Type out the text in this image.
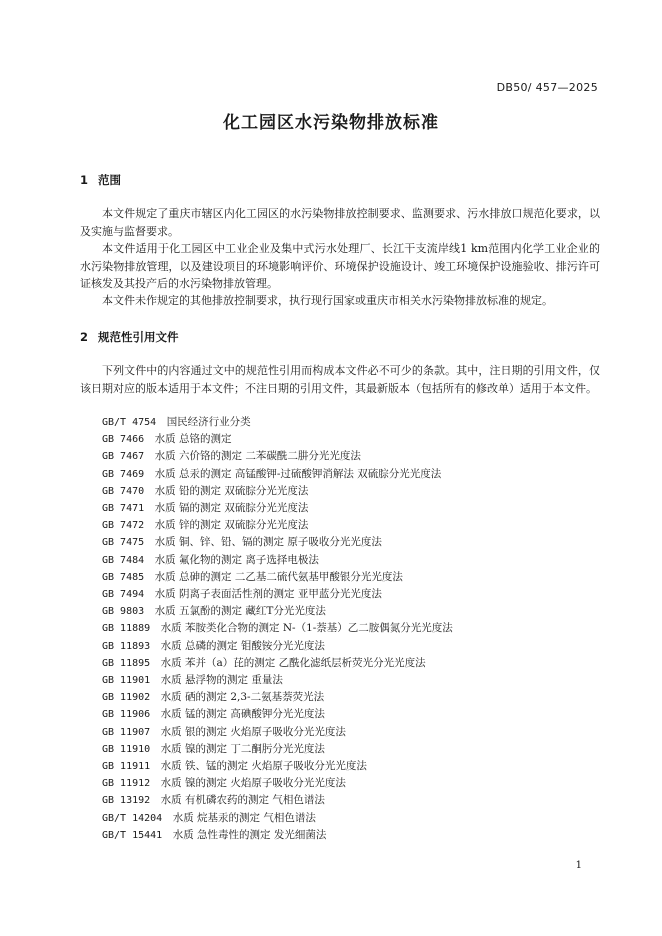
DB50/ 457—2025
化工园区水污染物排放标准
1 范围
本文件规定了重庆市辖区内化工园区的水污染物排放控制要求、监测要求、污水排放口规范化要求，以及实施与监督要求。
本文件适用于化工园区中工业企业及集中式污水处理厂、长江干支流岸线1 km范围内化学工业企业的水污染物排放管理，以及建设项目的环境影响评价、环境保护设施设计、竣工环境保护设施验收、排污许可证核发及其投产后的水污染物排放管理。
本文件未作规定的其他排放控制要求，执行现行国家或重庆市相关水污染物排放标准的规定。
2 规范性引用文件
下列文件中的内容通过文中的规范性引用而构成本文件必不可少的条款。其中，注日期的引用文件，仅该日期对应的版本适用于本文件；不注日期的引用文件，其最新版本（包括所有的修改单）适用于本文件。
GB/T 4754　 国民经济行业分类
GB 7466　 水质 总铬的测定
GB 7467　 水质 六价铬的测定 二苯碳酰二肼分光光度法
GB 7469　 水质 总汞的测定 高锰酸钾-过硫酸钾消解法 双硫腙分光光度法
GB 7470　 水质 铅的测定 双硫腙分光光度法
GB 7471　 水质 镉的测定 双硫腙分光光度法
GB 7472　 水质 锌的测定 双硫腙分光光度法
GB 7475　 水质 铜、锌、铅、镉的测定 原子吸收分光光度法
GB 7484　 水质 氟化物的测定 离子选择电极法
GB 7485　 水质 总砷的测定 二乙基二硫代氨基甲酸银分光光度法
GB 7494　 水质 阴离子表面活性剂的测定 亚甲蓝分光光度法
GB 9803　 水质 五氯酚的测定 藏红T分光光度法
GB 11889　 水质 苯胺类化合物的测定 N-（1-萘基）乙二胺偶氮分光光度法
GB 11893　 水质 总磷的测定 钼酸铵分光光度法
GB 11895　 水质 苯并（a）芘的测定 乙酰化滤纸层析荧光分光光度法
GB 11901　 水质 悬浮物的测定 重量法
GB 11902　 水质 硒的测定 2,3-二氨基萘荧光法
GB 11906　 水质 锰的测定 高碘酸钾分光光度法
GB 11907　 水质 银的测定 火焰原子吸收分光光度法
GB 11910　 水质 镍的测定 丁二酮肟分光光度法
GB 11911　 水质 铁、锰的测定 火焰原子吸收分光光度法
GB 11912　 水质 镍的测定 火焰原子吸收分光光度法
GB 13192　 水质 有机磷农药的测定 气相色谱法
GB/T 14204　 水质 烷基汞的测定 气相色谱法
GB/T 15441　 水质 急性毒性的测定 发光细菌法
1
